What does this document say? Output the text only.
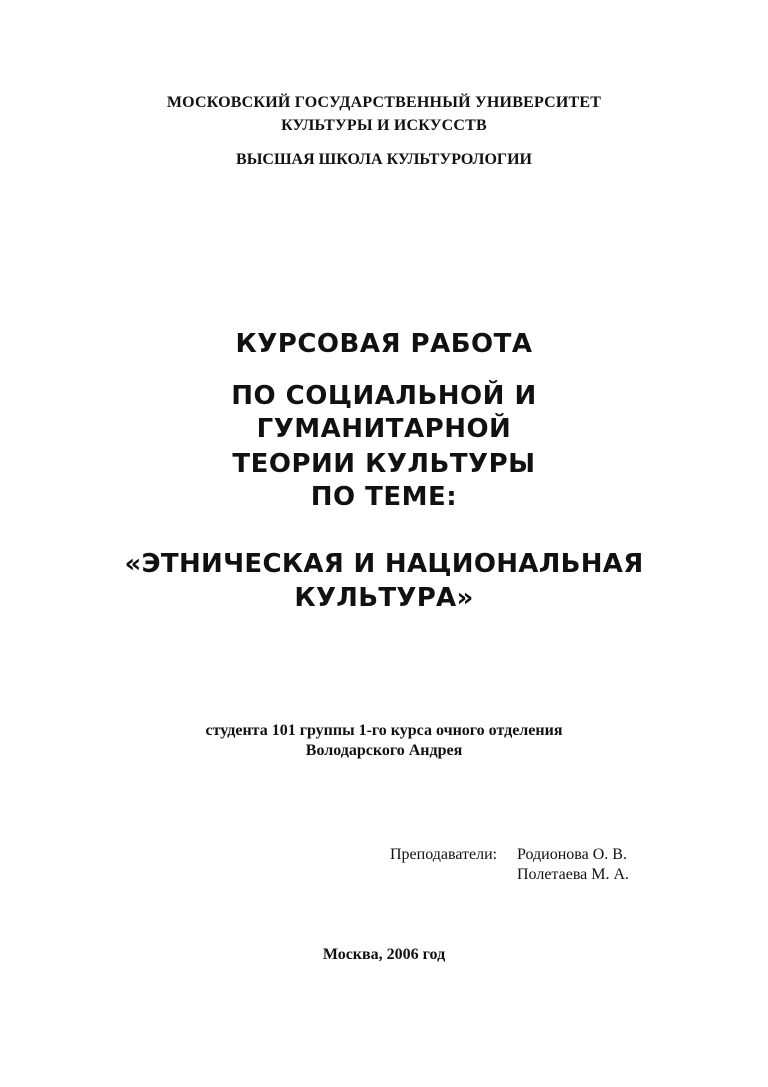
МОСКОВСКИЙ ГОСУДАРСТВЕННЫЙ УНИВЕРСИТЕТ
КУЛЬТУРЫ И ИСКУССТВ
ВЫСШАЯ ШКОЛА КУЛЬТУРОЛОГИИ
КУРСОВАЯ РАБОТА
ПО СОЦИАЛЬНОЙ И
ГУМАНИТАРНОЙ
ТЕОРИИ КУЛЬТУРЫ
ПО ТЕМЕ:
«ЭТНИЧЕСКАЯ И НАЦИОНАЛЬНАЯ
КУЛЬТУРА»
студента 101 группы 1-го курса очного отделения
Володарского Андрея
Преподаватели: Родионова О. В.
Полетаева М. А.
Москва, 2006 год
